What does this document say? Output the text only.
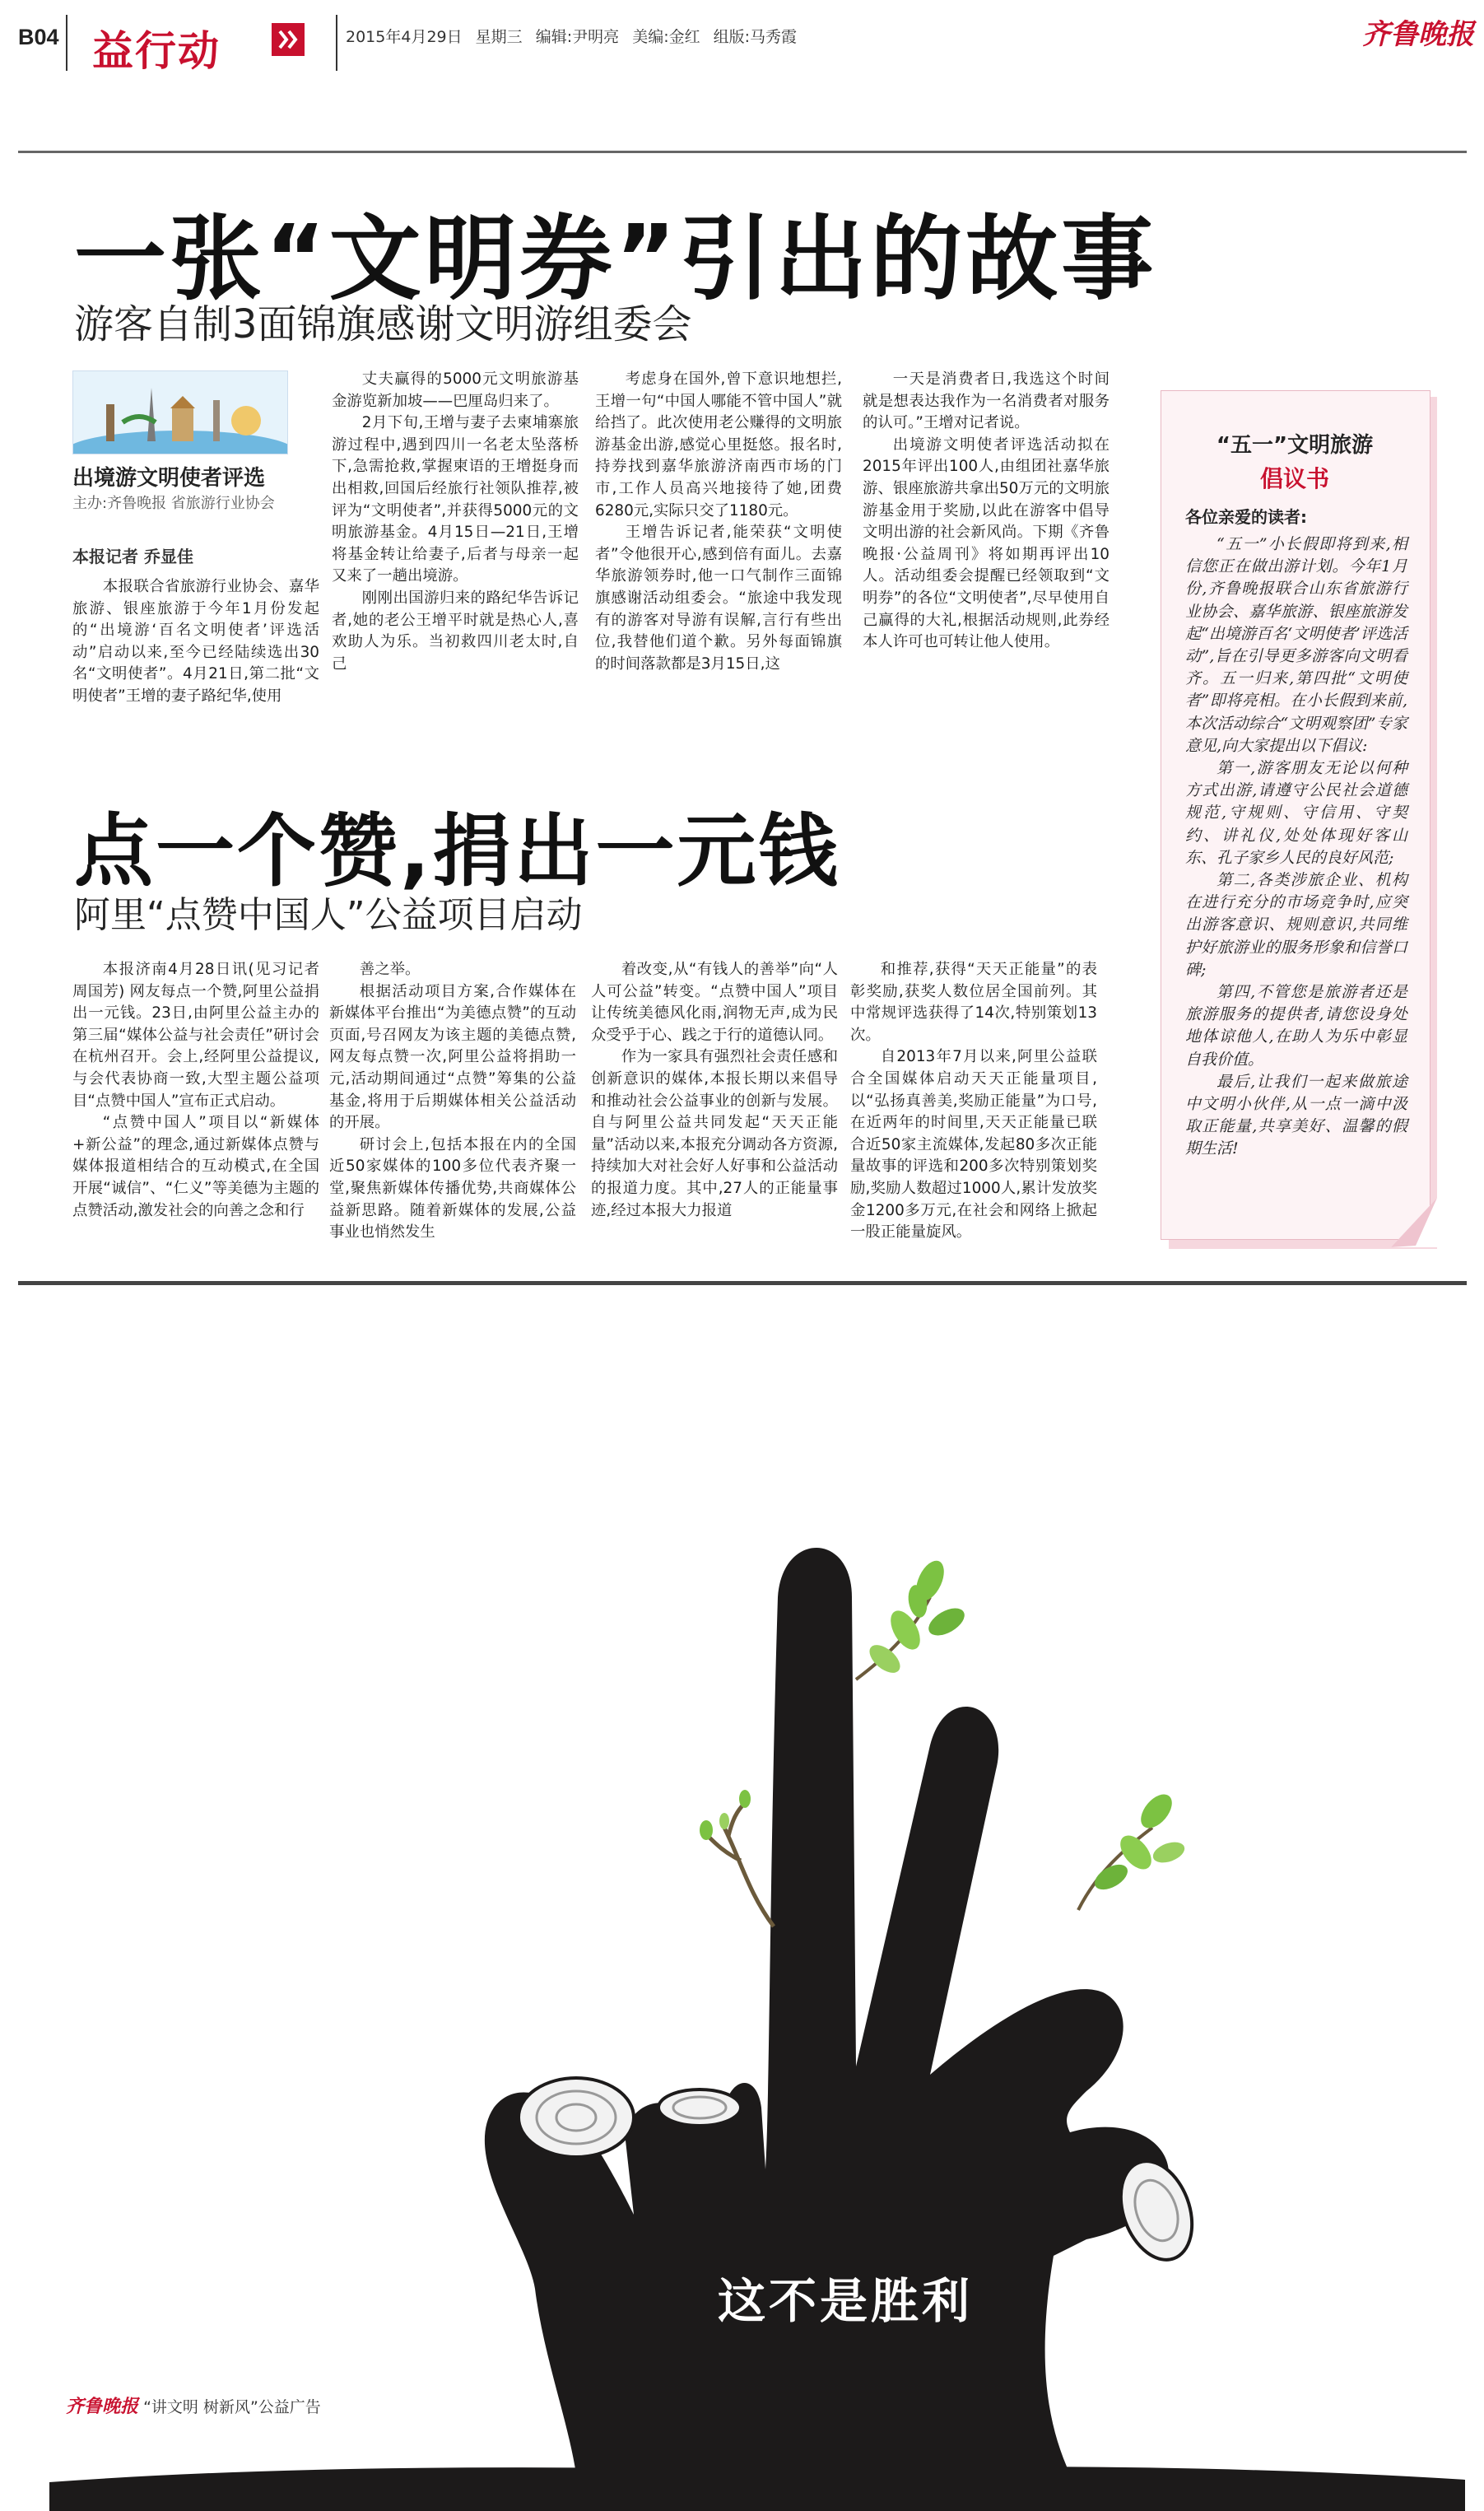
B04 益行动	2015年4月29日 星期三 编辑:尹明亮 美编:金红 组版:马秀霞	齐鲁晚报
一张“文明券”引出的故事
游客自制3面锦旗感谢文明游组委会
出境游文明使者评选
主办:齐鲁晚报 省旅游行业协会
本报记者 乔显佳

本报联合省旅游行业协会、嘉华旅游、银座旅游于今年1月份发起的“出境游‘百名文明使者’评选活动”启动以来,至今已经陆续选出30名“文明使者”。4月21日,第二批“文明使者”王增的妻子路纪华,使用

丈夫赢得的5000元文明旅游基金游览新加坡——巴厘岛归来了。

2月下旬,王增与妻子去柬埔寨旅游过程中,遇到四川一名老太坠落桥下,急需抢救,掌握柬语的王增挺身而出相救,回国后经旅行社领队推荐,被评为“文明使者”,并获得5000元的文明旅游基金。4月15日—21日,王增将基金转让给妻子,后者与母亲一起又来了一趟出境游。

刚刚出国游归来的路纪华告诉记者,她的老公王增平时就是热心人,喜欢助人为乐。当初救四川老太时,自己

考虑身在国外,曾下意识地想拦,王增一句“中国人哪能不管中国人”就给挡了。此次使用老公赚得的文明旅游基金出游,感觉心里挺悠。报名时,持券找到嘉华旅游济南西市场的门市,工作人员高兴地接待了她,团费6280元,实际只交了1180元。

王增告诉记者,能荣获“文明使者”令他很开心,感到倍有面儿。去嘉华旅游领券时,他一口气制作三面锦旗感谢活动组委会。“旅途中我发现有的游客对导游有误解,言行有些出位,我替他们道个歉。另外每面锦旗的时间落款都是3月15日,这

一天是消费者日,我选这个时间就是想表达我作为一名消费者对服务的认可。”王增对记者说。

出境游文明使者评选活动拟在2015年评出100人,由组团社嘉华旅游、银座旅游共拿出50万元的文明旅游基金用于奖励,以此在游客中倡导文明出游的社会新风尚。下期《齐鲁晚报·公益周刊》将如期再评出10人。活动组委会提醒已经领取到“文明券”的各位“文明使者”,尽早使用自己赢得的大礼,根据活动规则,此券经本人许可也可转让他人使用。

“五一”文明旅游
倡议书
各位亲爱的读者:

“五一”小长假即将到来,相信您正在做出游计划。今年1月份,齐鲁晚报联合山东省旅游行业协会、嘉华旅游、银座旅游发起“出境游百名‘文明使者’评选活动”,旨在引导更多游客向文明看齐。五一归来,第四批“文明使者”即将亮相。在小长假到来前,本次活动综合“文明观察团”专家意见,向大家提出以下倡议:

第一,游客朋友无论以何种方式出游,请遵守公民社会道德规范,守规则、守信用、守契约、讲礼仪,处处体现好客山东、孔子家乡人民的良好风范;

第二,各类涉旅企业、机构在进行充分的市场竞争时,应突出游客意识、规则意识,共同维护好旅游业的服务形象和信誉口碑;

第四,不管您是旅游者还是旅游服务的提供者,请您设身处地体谅他人,在助人为乐中彰显自我价值。

最后,让我们一起来做旅途中文明小伙伴,从一点一滴中汲取正能量,共享美好、温馨的假期生活!

点一个赞,捐出一元钱
阿里“点赞中国人”公益项目启动

本报济南4月28日讯(见习记者 周国芳) 网友每点一个赞,阿里公益捐出一元钱。23日,由阿里公益主办的第三届“媒体公益与社会责任”研讨会在杭州召开。会上,经阿里公益提议,与会代表协商一致,大型主题公益项目“点赞中国人”宣布正式启动。

“点赞中国人”项目以“新媒体+新公益”的理念,通过新媒体点赞与媒体报道相结合的互动模式,在全国开展“诚信”、“仁义”等美德为主题的点赞活动,激发社会的向善之念和行

善之举。

根据活动项目方案,合作媒体在新媒体平台推出“为美德点赞”的互动页面,号召网友为该主题的美德点赞,网友每点赞一次,阿里公益将捐助一元,活动期间通过“点赞”筹集的公益基金,将用于后期媒体相关公益活动的开展。

研讨会上,包括本报在内的全国近50家媒体的100多位代表齐聚一堂,聚焦新媒体传播优势,共商媒体公益新思路。随着新媒体的发展,公益事业也悄然发生

着改变,从“有钱人的善举”向“人人可公益”转变。“点赞中国人”项目让传统美德风化雨,润物无声,成为民众受乎于心、践之于行的道德认同。

作为一家具有强烈社会责任感和创新意识的媒体,本报长期以来倡导和推动社会公益事业的创新与发展。自与阿里公益共同发起“天天正能量”活动以来,本报充分调动各方资源,持续加大对社会好人好事和公益活动的报道力度。其中,27人的正能量事迹,经过本报大力报道

和推荐,获得“天天正能量”的表彰奖励,获奖人数位居全国前列。其中常规评选获得了14次,特别策划13次。

自2013年7月以来,阿里公益联合全国媒体启动天天正能量项目,以“弘扬真善美,奖励正能量”为口号,在近两年的时间里,天天正能量已联合近50家主流媒体,发起80多次正能量故事的评选和200多次特别策划奖励,奖励人数超过1000人,累计发放奖金1200多万元,在社会和网络上掀起一股正能量旋风。

这不是胜利
齐鲁晚报 “讲文明 树新风”公益广告
